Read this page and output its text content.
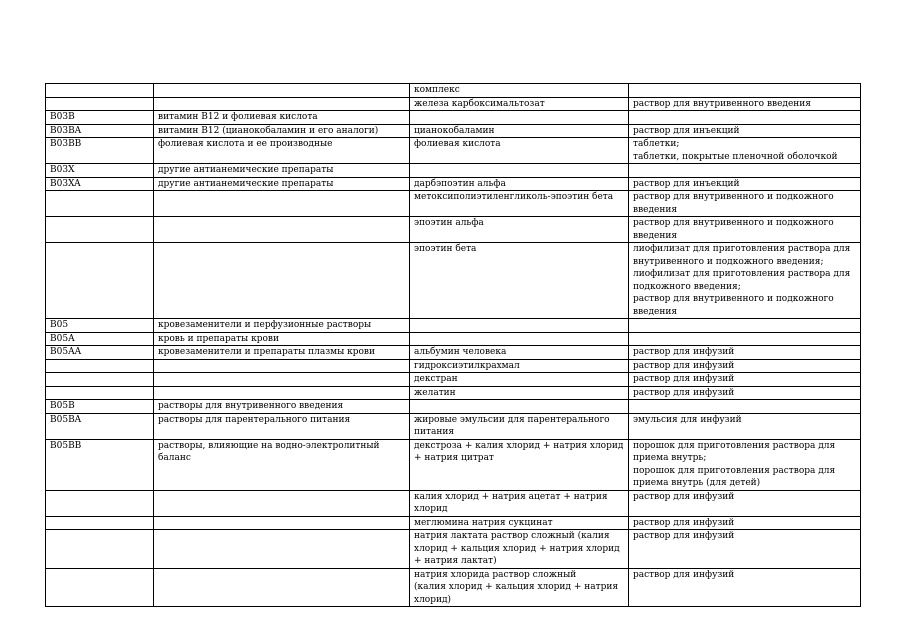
		комплекс	
		железа карбоксимальтозат	раствор для внутривенного введения
B03B	витамин B12 и фолиевая кислота		
B03BA	витамин B12 (цианокобаламин и его аналоги)	цианокобаламин	раствор для инъекций
B03BB	фолиевая кислота и ее производные	фолиевая кислота	таблетки;
таблетки, покрытые пленочной оболочкой
B03X	другие антианемические препараты		
B03XA	другие антианемические препараты	дарбэпоэтин альфа	раствор для инъекций
		метоксиполиэтиленгликоль-эпоэтин бета	раствор для внутривенного и подкожного введения
		эпоэтин альфа	раствор для внутривенного и подкожного введения
		эпоэтин бета	лиофилизат для приготовления раствора для внутривенного и подкожного введения;
лиофилизат для приготовления раствора для подкожного введения;
раствор для внутривенного и подкожного введения
B05	кровезаменители и перфузионные растворы		
B05A	кровь и препараты крови		
B05AA	кровезаменители и препараты плазмы крови	альбумин человека	раствор для инфузий
		гидроксиэтилкрахмал	раствор для инфузий
		декстран	раствор для инфузий
		желатин	раствор для инфузий
B05B	растворы для внутривенного введения		
B05BA	растворы для парентерального питания	жировые эмульсии для парентерального питания	эмульсия для инфузий
B05BB	растворы, влияющие на водно-электролитный баланс	декстроза + калия хлорид + натрия хлорид + натрия цитрат	порошок для приготовления раствора для приема внутрь;
порошок для приготовления раствора для приема внутрь (для детей)
		калия хлорид + натрия ацетат + натрия хлорид	раствор для инфузий
		меглюмина натрия сукцинат	раствор для инфузий
		натрия лактата раствор сложный (калия хлорид + кальция хлорид + натрия хлорид + натрия лактат)	раствор для инфузий
		натрия хлорида раствор сложный
(калия хлорид + кальция хлорид + натрия хлорид)	раствор для инфузий
